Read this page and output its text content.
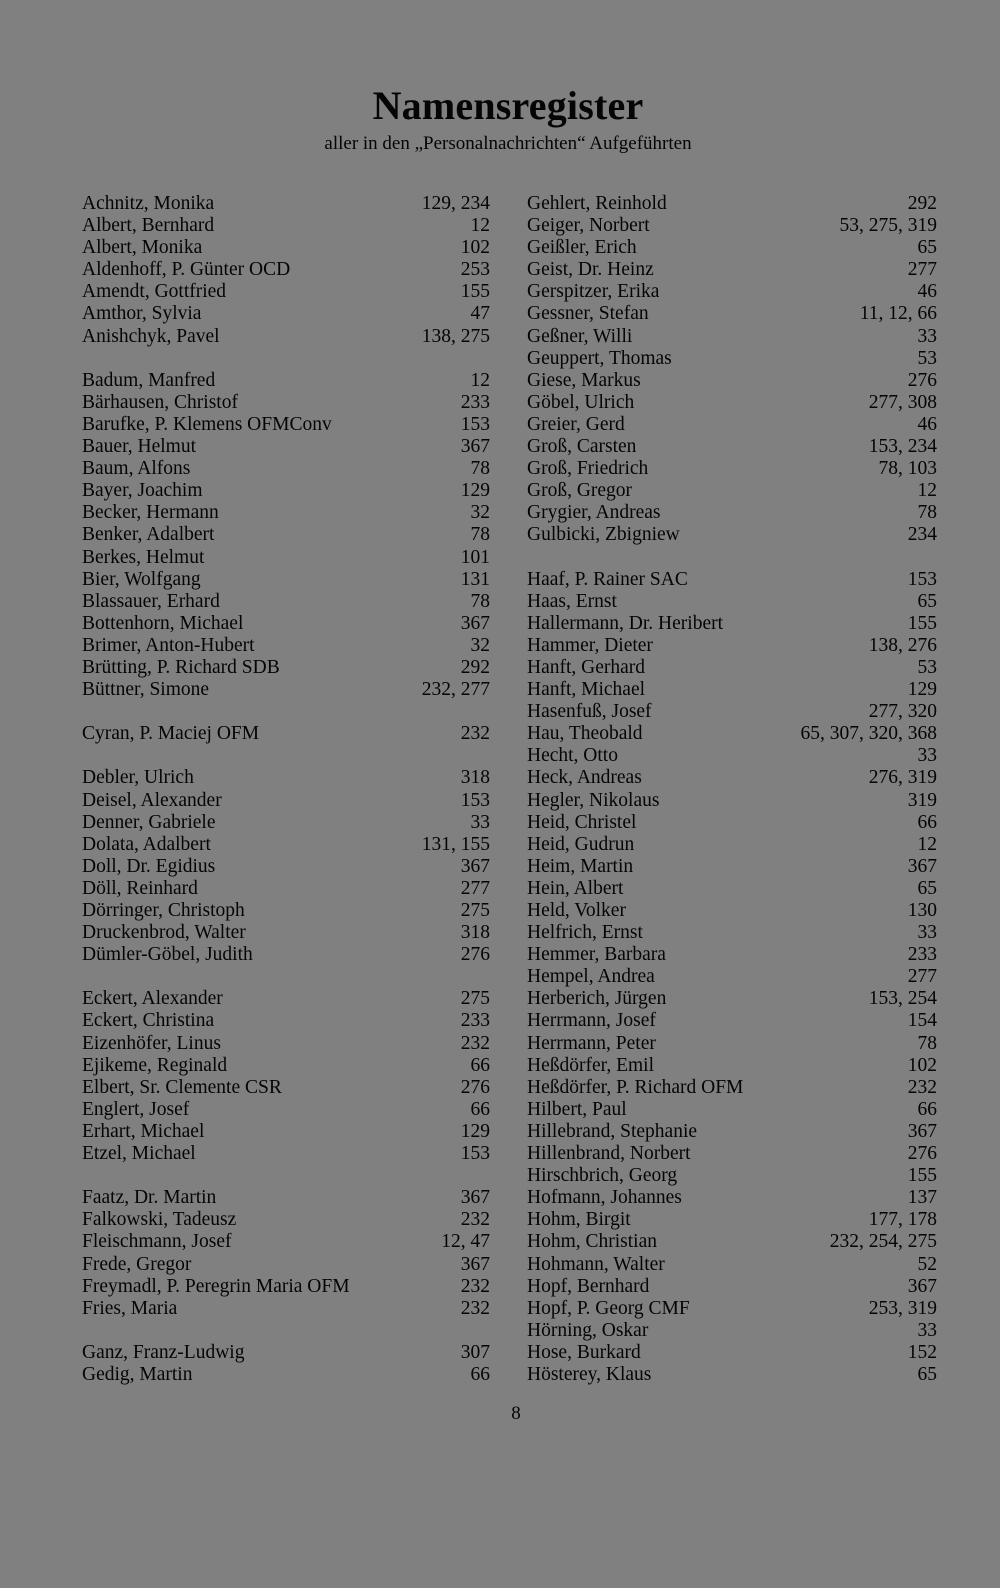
Namensregister
aller in den „Personalnachrichten“ Aufgeführten
Achnitz, Monika	129, 234
Albert, Bernhard	12
Albert, Monika	102
Aldenhoff, P. Günter OCD	253
Amendt, Gottfried	155
Amthor, Sylvia	47
Anishchyk, Pavel	138, 275
Badum, Manfred	12
Bärhausen, Christof	233
Barufke, P. Klemens OFMConv	153
Bauer, Helmut	367
Baum, Alfons	78
Bayer, Joachim	129
Becker, Hermann	32
Benker, Adalbert	78
Berkes, Helmut	101
Bier, Wolfgang	131
Blassauer, Erhard	78
Bottenhorn, Michael	367
Brimer, Anton-Hubert	32
Brütting, P. Richard SDB	292
Büttner, Simone	232, 277
Cyran, P. Maciej OFM	232
Debler, Ulrich	318
Deisel, Alexander	153
Denner, Gabriele	33
Dolata, Adalbert	131, 155
Doll, Dr. Egidius	367
Döll, Reinhard	277
Dörringer, Christoph	275
Druckenbrod, Walter	318
Dümler-Göbel, Judith	276
Eckert, Alexander	275
Eckert, Christina	233
Eizenhöfer, Linus	232
Ejikeme, Reginald	66
Elbert, Sr. Clemente CSR	276
Englert, Josef	66
Erhart, Michael	129
Etzel, Michael	153
Faatz, Dr. Martin	367
Falkowski, Tadeusz	232
Fleischmann, Josef	12, 47
Frede, Gregor	367
Freymadl, P. Peregrin Maria OFM	232
Fries, Maria	232
Ganz, Franz-Ludwig	307
Gedig, Martin	66
Gehlert, Reinhold	292
Geiger, Norbert	53, 275, 319
Geißler, Erich	65
Geist, Dr. Heinz	277
Gerspitzer, Erika	46
Gessner, Stefan	11, 12, 66
Geßner, Willi	33
Geuppert, Thomas	53
Giese, Markus	276
Göbel, Ulrich	277, 308
Greier, Gerd	46
Groß, Carsten	153, 234
Groß, Friedrich	78, 103
Groß, Gregor	12
Grygier, Andreas	78
Gulbicki, Zbigniew	234
Haaf, P. Rainer SAC	153
Haas, Ernst	65
Hallermann, Dr. Heribert	155
Hammer, Dieter	138, 276
Hanft, Gerhard	53
Hanft, Michael	129
Hasenfuß, Josef	277, 320
Hau, Theobald	65, 307, 320, 368
Hecht, Otto	33
Heck, Andreas	276, 319
Hegler, Nikolaus	319
Heid, Christel	66
Heid, Gudrun	12
Heim, Martin	367
Hein, Albert	65
Held, Volker	130
Helfrich, Ernst	33
Hemmer, Barbara	233
Hempel, Andrea	277
Herberich, Jürgen	153, 254
Herrmann, Josef	154
Herrmann, Peter	78
Heßdörfer, Emil	102
Heßdörfer, P. Richard OFM	232
Hilbert, Paul	66
Hillebrand, Stephanie	367
Hillenbrand, Norbert	276
Hirschbrich, Georg	155
Hofmann, Johannes	137
Hohm, Birgit	177, 178
Hohm, Christian	232, 254, 275
Hohmann, Walter	52
Hopf, Bernhard	367
Hopf, P. Georg CMF	253, 319
Hörning, Oskar	33
Hose, Burkard	152
Hösterey, Klaus	65
8
